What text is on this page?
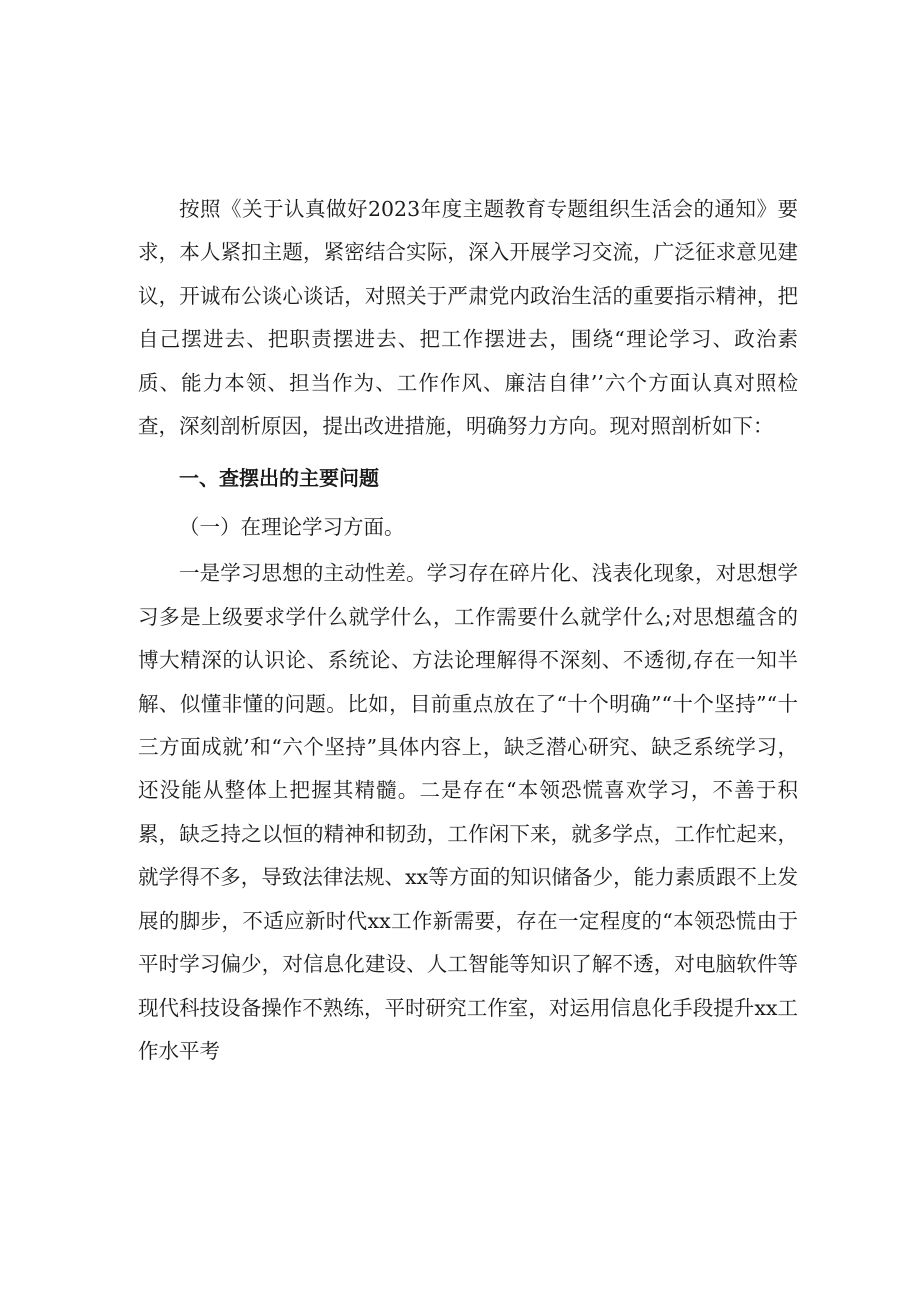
按照《关于认真做好2023年度主题教育专题组织生活会的通知》要求，本人紧扣主题，紧密结合实际，深入开展学习交流，广泛征求意见建议，开诚布公谈心谈话，对照关于严肃党内政治生活的重要指示精神，把自己摆进去、把职责摆进去、把工作摆进去，围绕“理论学习、政治素质、能力本领、担当作为、工作作风、廉洁自律’’六个方面认真对照检查，深刻剖析原因，提出改进措施，明确努力方向。现对照剖析如下：

一、查摆出的主要问题

（一）在理论学习方面。

一是学习思想的主动性差。学习存在碎片化、浅表化现象，对思想学习多是上级要求学什么就学什么，工作需要什么就学什么;对思想蕴含的博大精深的认识论、系统论、方法论理解得不深刻、不透彻,存在一知半解、似懂非懂的问题。比如，目前重点放在了“十个明确”“十个坚持”“十三方面成就’和“六个坚持”具体内容上，缺乏潜心研究、缺乏系统学习，还没能从整体上把握其精髓。二是存在“本领恐慌喜欢学习，不善于积累，缺乏持之以恒的精神和韧劲，工作闲下来，就多学点，工作忙起来，就学得不多，导致法律法规、xx等方面的知识储备少，能力素质跟不上发展的脚步，不适应新时代xx工作新需要，存在一定程度的“本领恐慌由于平时学习偏少，对信息化建设、人工智能等知识了解不透，对电脑软件等现代科技设备操作不熟练，平时研究工作室，对运用信息化手段提升xx工作水平考
